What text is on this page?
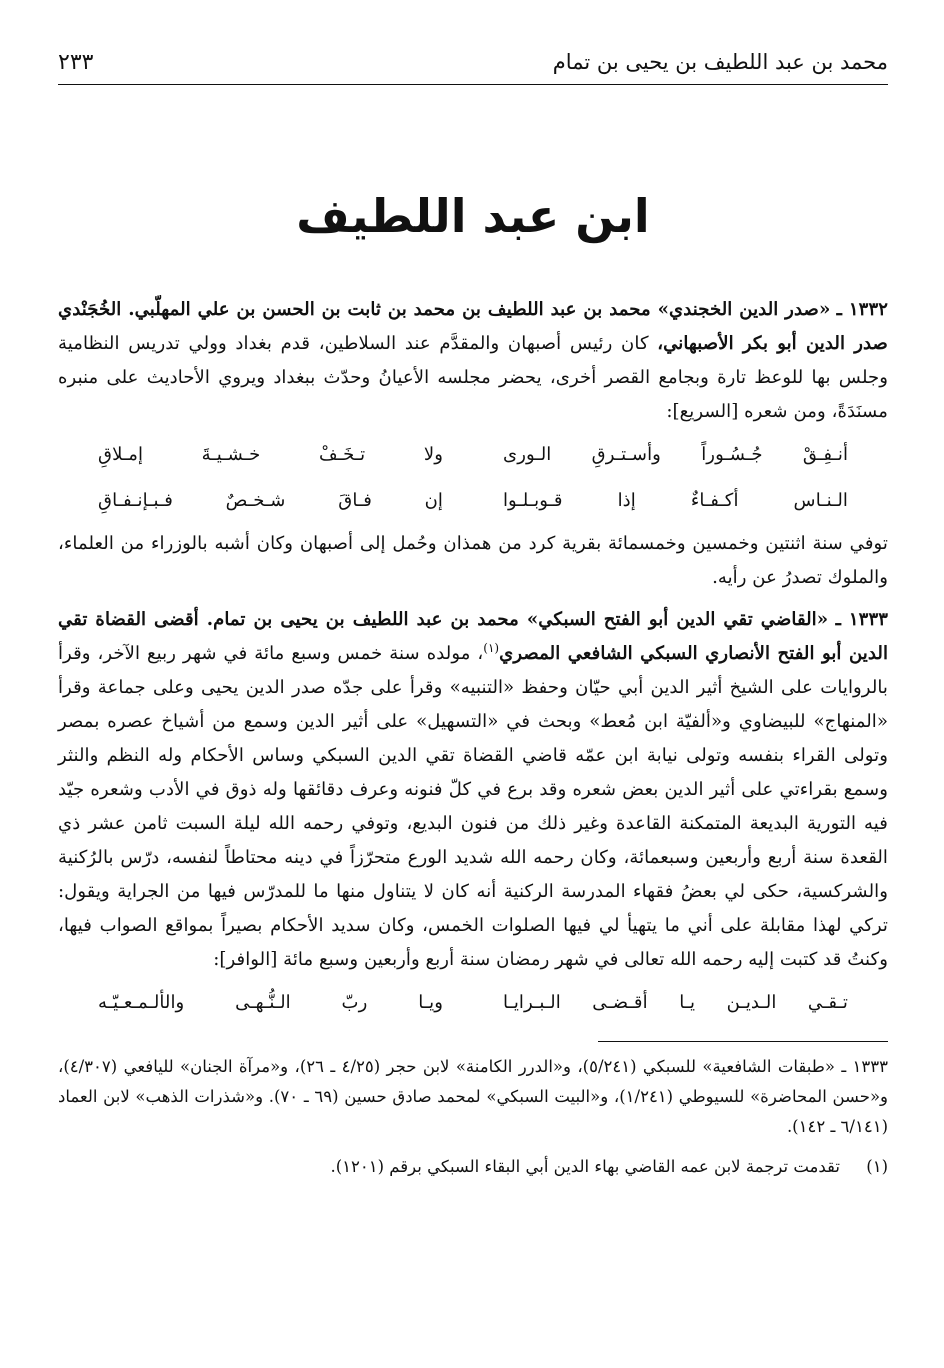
محمد بن عبد اللطيف بن يحيى بن تمام
٢٣٣
ابن عبد اللطيف

١٣٣٢ ـ «صدر الدين الخجندي» محمد بن عبد اللطيف بن محمد بن ثابت بن الحسن بن علي المهلّبي. الخُجَنْدي صدر الدين أبو بكر الأصبهاني، كان رئيس أصبهان والمقدَّم عند السلاطين، قدم بغداد وولي تدريس النظامية وجلس بها للوعظ تارة وبجامع القصر أخرى، يحضر مجلسه الأعيانُ وحدّث ببغداد ويروي الأحاديث على منبره مسنَدَةً، ومن شعره [السريع]:

أنـفِـقْ جُـسُـوراً وأسـتـرقِ الـورى
ولا تـخَـفْ خـشـيـةَ إمـلاقِ
الـنـاس أكـفـاءٌ إذا قـوبـلـوا
إن فـاقَ شـخـصٌ فـبـإنـفـاقِ

توفي سنة اثنتين وخمسين وخمسمائة بقرية كرد من همذان وحُمل إلى أصبهان وكان أشبه بالوزراء من العلماء، والملوك تصدرُ عن رأيه.

١٣٣٣ ـ «القاضي تقي الدين أبو الفتح السبكي» محمد بن عبد اللطيف بن يحيى بن تمام. أقضى القضاة تقي الدين أبو الفتح الأنصاري السبكي الشافعي المصري$^{(١)}$، مولده سنة خمس وسبع مائة في شهر ربيع الآخر، وقرأ بالروايات على الشيخ أثير الدين أبي حيّان وحفظ «التنبيه» وقرأ على جدّه صدر الدين يحيى وعلى جماعة وقرأ «المنهاج» للبيضاوي و«ألفيّة ابن مُعط» وبحث في «التسهيل» على أثير الدين وسمع من أشياخ عصره بمصر وتولى القراء بنفسه وتولى نيابة ابن عمّه قاضي القضاة تقي الدين السبكي وساس الأحكام وله النظم والنثر وسمع بقراءتي على أثير الدين بعض شعره وقد برع في كلّ فنونه وعرف دقائقها وله ذوق في الأدب وشعره جيّد فيه التورية البديعة المتمكنة القاعدة وغير ذلك من فنون البديع، وتوفي رحمه الله ليلة السبت ثامن عشر ذي القعدة سنة أربع وأربعين وسبعمائة، وكان رحمه الله شديد الورع متحرّزاً في دينه محتاطاً لنفسه، درّس بالرُكنية والشركسية، حكى لي بعضُ فقهاء المدرسة الركنية أنه كان لا يتناول منها ما للمدرّس فيها من الجراية ويقول: تركي لهذا مقابلة على أني ما يتهيأ لي فيها الصلوات الخمس، وكان سديد الأحكام بصيراً بمواقع الصواب فيها، وكنتُ قد كتبت إليه رحمه الله تعالى في شهر رمضان سنة أربع وأربعين وسبع مائة [الوافر]:

تـقـي الـديـن يـا أقـضـى الـبـرايـا
ويـا ربّ الـنُّـهـى والألـمـعـيّـه

١٣٣٣ ـ «طبقات الشافعية» للسبكي (٥/٢٤١)، و«الدرر الكامنة» لابن حجر (٤/٢٥ ـ ٢٦)، و«مرآة الجنان» لليافعي (٤/٣٠٧)، و«حسن المحاضرة» للسيوطي (١/٢٤١)، و«البيت السبكي» لمحمد صادق حسين (٦٩ ـ ٧٠). و«شذرات الذهب» لابن العماد (٦/١٤١ ـ ١٤٢).

(١)
تقدمت ترجمة لابن عمه القاضي بهاء الدين أبي البقاء السبكي برقم (١٢٠١).
